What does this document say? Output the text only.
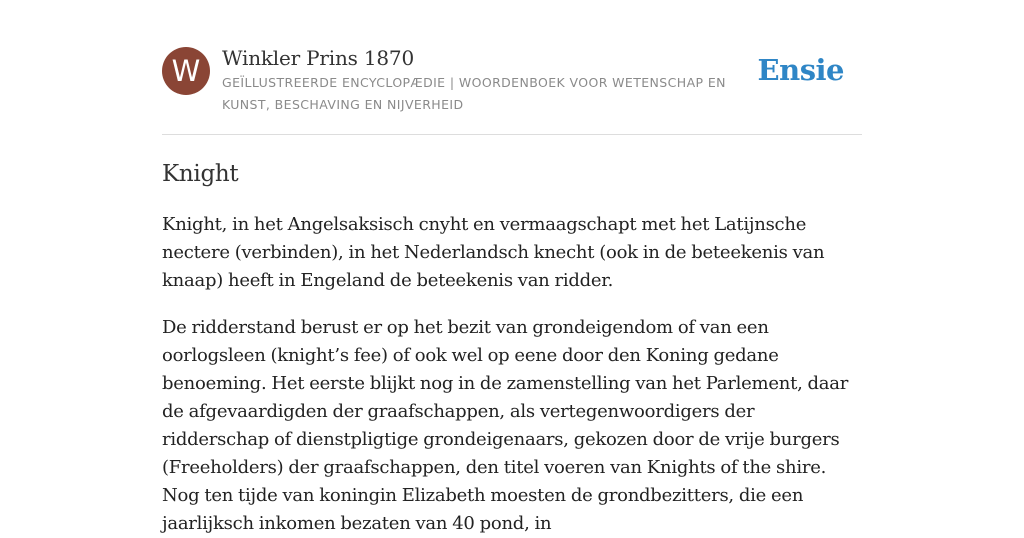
W	Winkler Prins 1870
GEÏLLUSTREERDE ENCYCLOPÆDIE | WOORDENBOEK VOOR WETENSCHAP EN KUNST, BESCHAVING EN NIJVERHEID
Ensie
Knight

Knight, in het Angelsaksisch cnyht en vermaagschapt met het Latijnsche nectere (verbinden), in het Nederlandsch knecht (ook in de beteekenis van knaap) heeft in Engeland de beteekenis van ridder.

De ridderstand berust er op het bezit van grondeigendom of van een oorlogsleen (knight’s fee) of ook wel op eene door den Koning gedane benoeming. Het eerste blijkt nog in de zamenstelling van het Parlement, daar de afgevaardigden der graafschappen, als vertegenwoordigers der ridderschap of dienstpligtige grondeigenaars, gekozen door de vrije burgers (Freeholders) der graafschappen, den titel voeren van Knights of the shire. Nog ten tijde van koningin Elizabeth moesten de grondbezitters, die een jaarlijksch inkomen bezaten van 40 pond, in
